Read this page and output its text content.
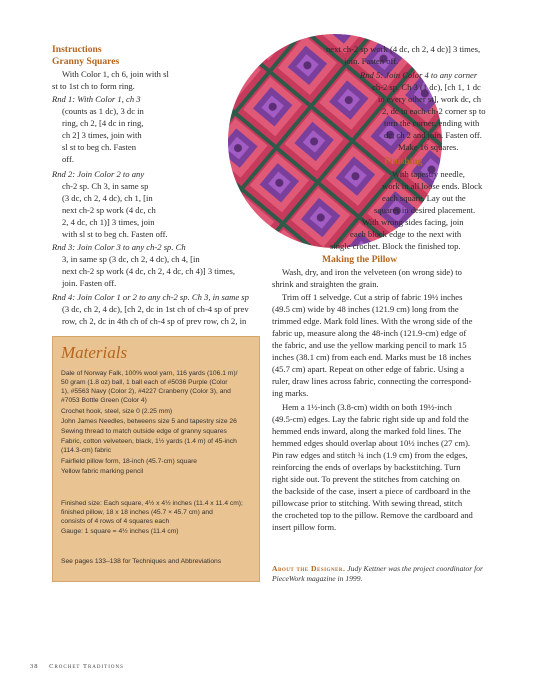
Instructions
Granny Squares
With Color 1, ch 6, join with sl
st to 1st ch to form ring.
Rnd 1: With Color 1, ch 3
(counts as 1 dc), 3 dc in
ring, ch 2, [4 dc in ring,
ch 2] 3 times, join with
sl st to beg ch. Fasten
off.
Rnd 2: Join Color 2 to any
ch-2 sp. Ch 3, in same sp
(3 dc, ch 2, 4 dc), ch 1, [in
next ch-2 sp work (4 dc, ch
2, 4 dc, ch 1)] 3 times, join
with sl st to beg ch. Fasten off.
Rnd 3: Join Color 3 to any ch-2 sp. Ch
3, in same sp (3 dc, ch 2, 4 dc), ch 4, [in
next ch-2 sp work (4 dc, ch 2, 4 dc, ch 4)] 3 times,
join. Fasten off.
Rnd 4: Join Color 1 or 2 to any ch-2 sp. Ch 3, in same sp
(3 dc, ch 2, 4 dc), [ch 2, dc in 1st ch of ch-4 sp of prev
row, ch 2, dc in 4th ch of ch-4 sp of prev row, ch 2, in
next ch-2 sp work (4 dc, ch 2, 4 dc)] 3 times,
join. Fasten off.
Rnd 5: Join Color 4 to any corner
ch-2 sp. Ch 3 (1 dc), [ch 1, 1 dc
in every other st], work dc, ch
2, dc in each ch-2 corner sp to
turn the corner, ending with
dc, ch 2 and join. Fasten off.
Make 16 squares.
Finishing
With tapestry needle,
work in all loose ends. Block
each square. Lay out the
squares in desired placement.
With wrong sides facing, join
each block edge to the next with
single crochet. Block the finished top.
Making the Pillow
Wash, dry, and iron the velveteen (on wrong side) to
shrink and straighten the grain.
Trim off 1 selvedge. Cut a strip of fabric 19½ inches
(49.5 cm) wide by 48 inches (121.9 cm) long from the
trimmed edge. Mark fold lines. With the wrong side of the
fabric up, measure along the 48-inch (121.9-cm) edge of
the fabric, and use the yellow marking pencil to mark 15
inches (38.1 cm) from each end. Marks must be 18 inches
(45.7 cm) apart. Repeat on other edge of fabric. Using a
ruler, draw lines across fabric, connecting the correspond-
ing marks.
Hem a 1½-inch (3.8-cm) width on both 19½-inch
(49.5-cm) edges. Lay the fabric right side up and fold the
hemmed ends inward, along the marked fold lines. The
hemmed edges should overlap about 10½ inches (27 cm).
Pin raw edges and stitch ¾ inch (1.9 cm) from the edges,
reinforcing the ends of overlaps by backstitching. Turn
right side out. To prevent the stitches from catching on
the backside of the case, insert a piece of cardboard in the
pillowcase prior to stitching. With sewing thread, stitch
the crocheted top to the pillow. Remove the cardboard and
insert pillow form.
Materials
Dale of Norway Falk, 100% wool yarn, 116 yards (106.1 m)/
50 gram (1.8 oz) ball, 1 ball each of #5036 Purple (Color
1), #5563 Navy (Color 2), #4227 Cranberry (Color 3), and
#7053 Bottle Green (Color 4)
Crochet hook, steel, size 0 (2.25 mm)
John James Needles, betweens size 5 and tapestry size 26
Sewing thread to match outside edge of granny squares
Fabric, cotton velveteen, black, 1½ yards (1.4 m) of 45-inch
(114.3-cm) fabric
Fairfield pillow form, 18-inch (45.7-cm) square
Yellow fabric marking pencil
Finished size: Each square, 4½ x 4½ inches (11.4 x 11.4 cm);
finished pillow, 18 x 18 inches (45.7 × 45.7 cm) and
consists of 4 rows of 4 squares each
Gauge: 1 square = 4½ inches (11.4 cm)
See pages 133–138 for Techniques and Abbreviations
About the Designer. Judy Kettner was the project coordinator for PieceWork magazine in 1999.
38 Crochet Traditions
